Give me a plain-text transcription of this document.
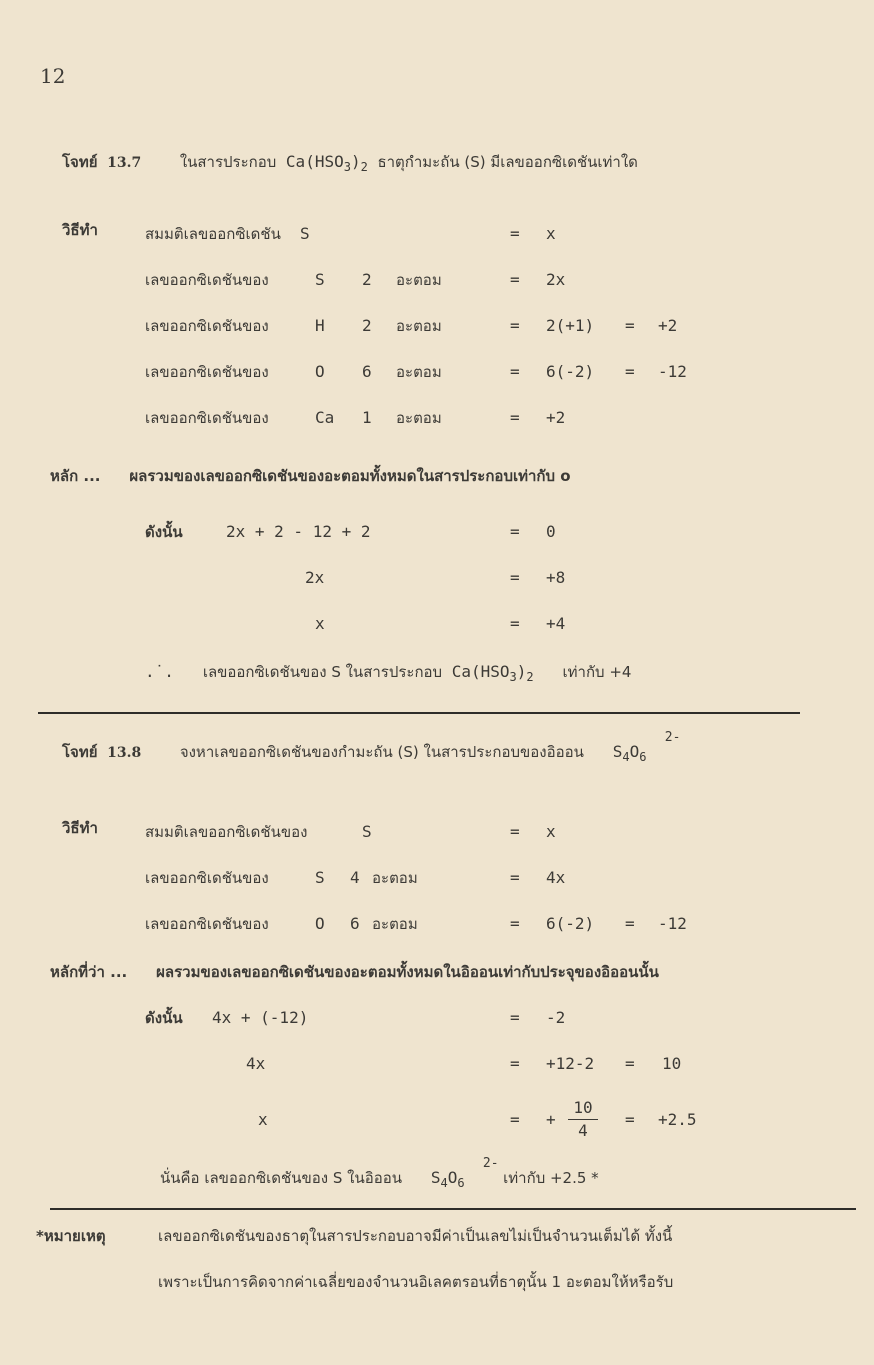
12
โจทย์ 13.7	ในสารประกอบ $Ca(HSO_3)_2$ ธาตุกำมะถัน (S) มีเลขออกซิเดชันเท่าใด
วิธีทำ	สมมติเลขออกซิเดชัน S	= x
เลขออกซิเดชันของ	S 2 อะตอม	= 2x
เลขออกซิเดชันของ	H 2 อะตอม	= 2(+1) = +2
เลขออกซิเดชันของ	O 6 อะตอม	= 6(-2) = -12
เลขออกซิเดชันของ	Ca 1 อะตอม	= +2
หลัก ... ผลรวมของเลขออกซิเดชันของอะตอมทั้งหมดในสารประกอบเท่ากับ o
ดังนั้น	2x + 2 - 12 + 2	= 0
2x	= +8
x	= +4
.˙. เลขออกซิเดชันของ S ในสารประกอบ $Ca(HSO_3)_2$ เท่ากับ +4
โจทย์ 13.8	จงหาเลขออกซิเดชันของกำมะถัน (S) ในสารประกอบของอิออน $S_4O_6$
2-
วิธีทำ	สมมติเลขออกซิเดชันของ	S	= x
เลขออกซิเดชันของ	S 4 อะตอม	= 4x
เลขออกซิเดชันของ	O 6 อะตอม	= 6(-2) = -12
หลักที่ว่า ... ผลรวมของเลขออกซิเดชันของอะตอมทั้งหมดในอิออนเท่ากับประจุของอิออนนั้น
ดังนั้น 4x + (-12)	= -2
4x	= +12-2 = 10
x	= + $\frac{10}{4} = +2.5$
นั่นคือ เลขออกซิเดชันของ S ในอิออน $S_4O_6$
2-
เท่ากับ +2.5 *
*หมายเหตุ	เลขออกซิเดชันของธาตุในสารประกอบอาจมีค่าเป็นเลขไม่เป็นจำนวนเต็มได้ ทั้งนี้
เพราะเป็นการคิดจากค่าเฉลี่ยของจำนวนอิเลคตรอนที่ธาตุนั้น 1 อะตอมให้หรือรับ
